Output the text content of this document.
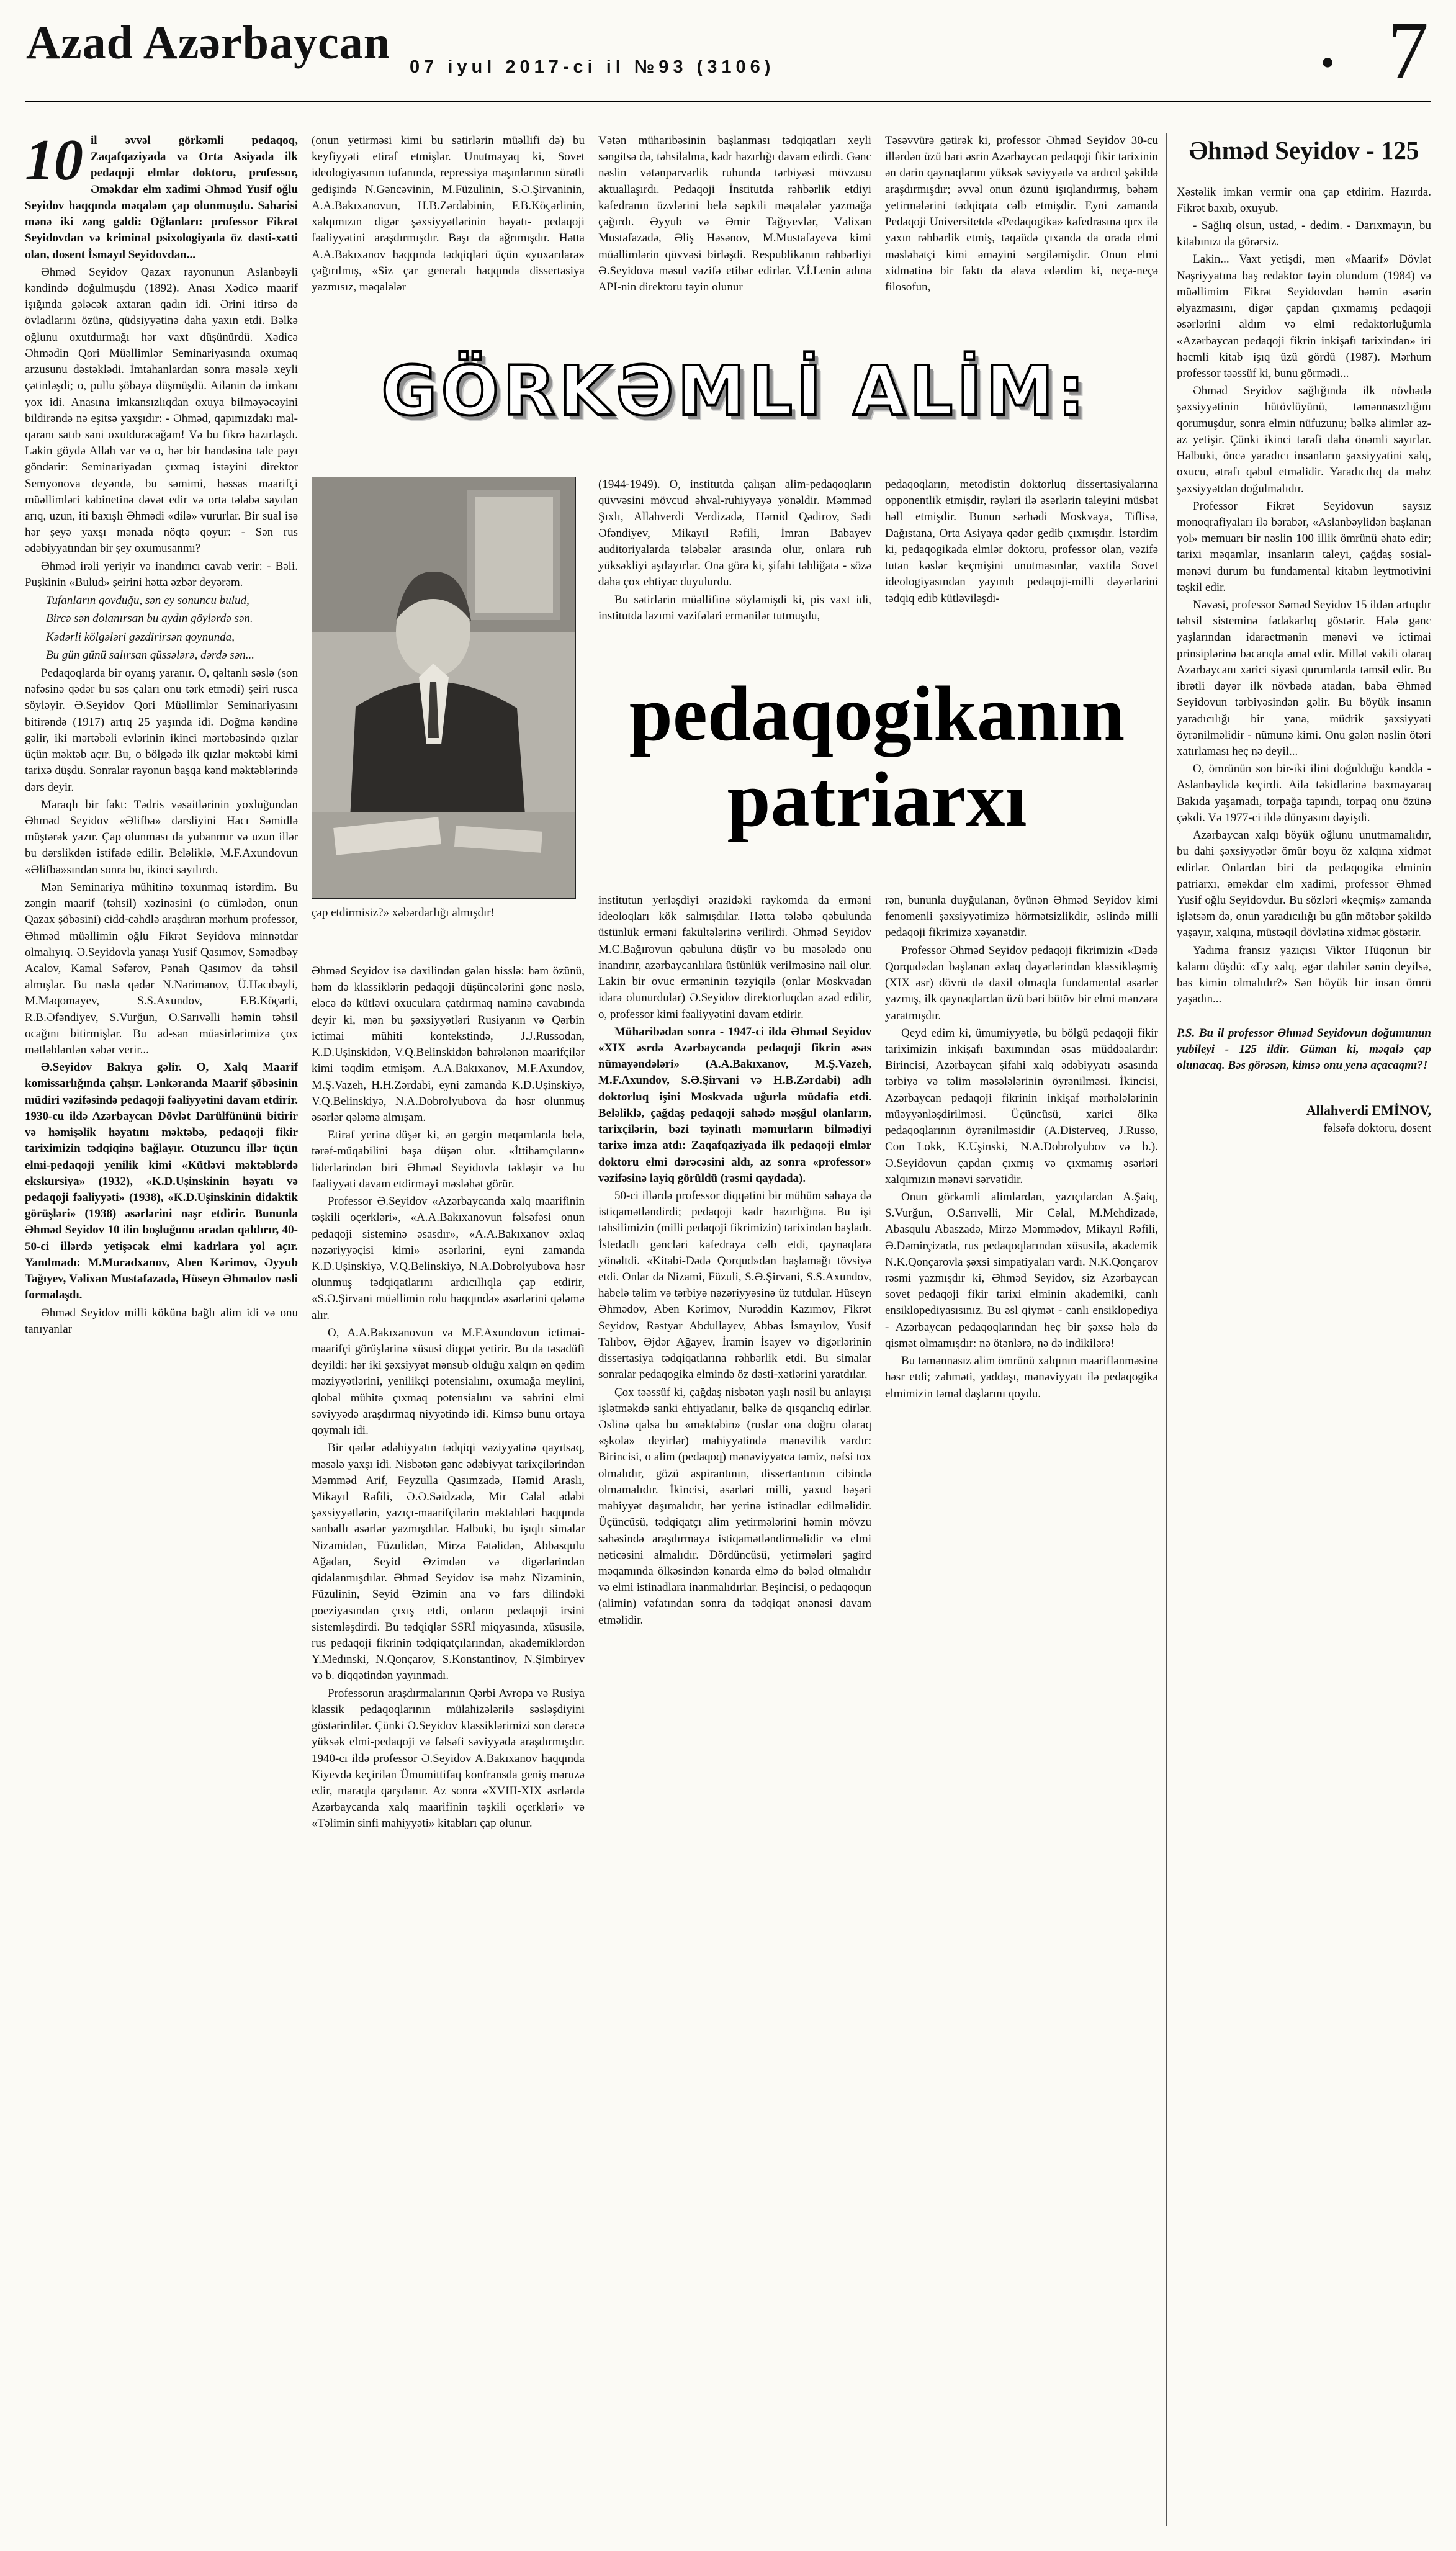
Azad Azərbaycan 07 iyul 2017-ci il №93 (3106)	● 7
GÖRKƏMLİ ALİM:
pedaqogikanın
patriarxı
çap etdirmisiz?» xəbərdarlığı almışdır!

10 il əvvəl görkəmli pedaqoq, Zaqafqaziyada və Orta Asiyada ilk pedaqoji elmlər doktoru, professor, Əməkdar elm xadimi Əhməd Yusif oğlu Seyidov haqqında məqaləm çap olunmuşdu. Səhərisi mənə iki zəng gəldi: Oğlanları: professor Fikrət Seyidovdan və kriminal psixologiyada öz dəsti-xətti olan, dosent İsmayıl Seyidovdan...

Əhməd Seyidov Qazax rayonunun Aslanbəyli kəndində doğulmuşdu (1892). Anası Xədicə maarif işığında gələcək axtaran qadın idi. Ərini itirsə də övladlarını özünə, qüdsiyyətinə daha yaxın etdi. Bəlkə oğlunu oxutdurmağı hər vaxt düşünürdü. Xədicə Əhmədin Qori Müəllimlər Seminariyasında oxumaq arzusunu dəstəklədi. İmtahanlardan sonra məsələ xeyli çətinləşdi; o, pullu şöbəyə düşmüşdü. Ailənin də imkanı yox idi. Anasına imkansızlıqdan oxuya bilməyəcəyini bildirəndə nə eşitsə yaxşıdır: - Əhməd, qapımızdakı mal-qaranı satıb səni oxutduracağam! Və bu fikrə hazırlaşdı. Lakin göydə Allah var və o, hər bir bəndəsinə tale payı göndərir: Seminariyadan çıxmaq istəyini direktor Semyonova deyəndə, bu səmimi, həssas maarifçi müəllimləri kabinetinə dəvət edir və orta tələbə sayılan arıq, uzun, iti baxışlı Əhmədi «dilə» vururlar. Bir sual isə hər şeyə yaxşı mənada nöqtə qoyur: - Sən rus ədəbiyyatından bir şey oxumusanmı?

Əhməd irəli yeriyir və inandırıcı cavab verir: - Bəli. Puşkinin «Bulud» şeirini hətta əzbər deyərəm.

Tufanların qovduğu, sən ey sonuncu bulud,

Bircə sən dolanırsan bu aydın göylərdə sən.

Kədərli kölgələri gəzdirirsən qoynunda,

Bu gün günü salırsan qüssələrə, dərdə sən...

Pedaqoqlarda bir oyanış yaranır. O, qəltanlı səslə (son nəfəsinə qədər bu səs çaları onu tərk etmədi) şeiri rusca söyləyir. Ə.Seyidov Qori Müəllimlər Seminariyasını bitirəndə (1917) artıq 25 yaşında idi. Doğma kəndinə gəlir, iki mərtəbəli evlərinin ikinci mərtəbəsində qızlar üçün məktəb açır. Bu, o bölgədə ilk qızlar məktəbi kimi tarixə düşdü. Sonralar rayonun başqa kənd məktəblərində dərs deyir.

Maraqlı bir fakt: Tədris vəsaitlərinin yoxluğundan Əhməd Seyidov «Əlifba» dərsliyini Hacı Səmidlə müştərək yazır. Çap olunması da yubanmır və uzun illər bu dərslikdən istifadə edilir. Beləliklə, M.F.Axundovun «Əlifba»sından sonra bu, ikinci sayılırdı.

Mən Seminariya mühitinə toxunmaq istərdim. Bu zəngin maarif (təhsil) xəzinəsini (o cümlədən, onun Qazax şöbəsini) cidd-cəhdlə araşdıran mərhum professor, Əhməd müəllimin oğlu Fikrət Seyidova minnətdar olmalıyıq. Ə.Seyidovla yanaşı Yusif Qasımov, Səmədbəy Acalov, Kamal Səfərov, Pənah Qasımov da təhsil almışlar. Bu nəslə qədər N.Nərimanov, Ü.Hacıbəyli, M.Maqomayev, S.S.Axundov, F.B.Köçərli, R.B.Əfəndiyev, S.Vurğun, O.Sarıvəlli həmin təhsil ocağını bitirmişlər. Bu ad-san müasirlərimizə çox mətləblərdən xəbər verir...

Ə.Seyidov Bakıya gəlir. O, Xalq Maarif komissarlığında çalışır. Lənkəranda Maarif şöbəsinin müdiri vəzifəsində pedaqoji fəaliyyətini davam etdirir. 1930-cu ildə Azərbaycan Dövlət Darülfününü bitirir və həmişəlik həyatını məktəbə, pedaqoji fikir tariximizin tədqiqinə bağlayır. Otuzuncu illər üçün elmi-pedaqoji yenilik kimi «Kütləvi məktəblərdə ekskursiya» (1932), «K.D.Uşinskinin həyatı və pedaqoji fəaliyyəti» (1938), «K.D.Uşinskinin didaktik görüşləri» (1938) əsərlərini nəşr etdirir. Bununla Əhməd Seyidov 10 ilin boşluğunu aradan qaldırır, 40-50-ci illərdə yetişəcək elmi kadrlara yol açır. Yanılmadı: M.Muradxanov, Aben Kərimov, Əyyub Tağıyev, Vəlixan Mustafazadə, Hüseyn Əhmədov nəsli formalaşdı.

Əhməd Seyidov milli kökünə bağlı alim idi və onu tanıyanlar

(onun yetirməsi kimi bu sətirlərin müəllifi də) bu keyfiyyəti etiraf etmişlər. Unutmayaq ki, Sovet ideologiyasının tufanında, repressiya maşınlarının sürətli gedişində N.Gəncəvinin, M.Füzulinin, S.Ə.Şirvaninin, A.A.Bakıxanovun, H.B.Zərdabinin, F.B.Köçərlinin, xalqımızın digər şəxsiyyətlərinin həyatı- pedaqoji fəaliyyətini araşdırmışdır. Başı da ağrımışdır. Hətta A.A.Bakıxanov haqqında tədqiqləri üçün «yuxarılara» çağırılmış, «Siz çar generalı haqqında dissertasiya yazmısız, məqalələr

Vətən müharibəsinin başlanması tədqiqatları xeyli səngitsə də, təhsilalma, kadr hazırlığı davam edirdi. Gənc nəslin vətənpərvərlik ruhunda tərbiyəsi mövzusu aktuallaşırdı. Pedaqoji İnstitutda rəhbərlik etdiyi kafedranın üzvlərini belə səpkili məqalələr yazmağa çağırdı. Əyyub və Əmir Tağıyevlər, Vəlixan Mustafazadə, Əliş Həsənov, M.Mustafayeva kimi müəllimlərin qüvvəsi birləşdi. Respublikanın rəhbərliyi Ə.Seyidova məsul vəzifə etibar edirlər. V.İ.Lenin adına API-nin direktoru təyin olunur

Təsəvvürə gətirək ki, professor Əhməd Seyidov 30-cu illərdən üzü bəri əsrin Azərbaycan pedaqoji fikir tarixinin ən dərin qaynaqlarını yüksək səviyyədə və ardıcıl şəkildə araşdırmışdır; əvvəl onun özünü işıqlandırmış, bəhəm yetirmələrini tədqiqata cəlb etmişdir. Eyni zamanda Pedaqoji Universitetdə «Pedaqogika» kafedrasına qırx ilə yaxın rəhbərlik etmiş, təqaüdə çıxanda da orada elmi məsləhətçi kimi əməyini sərgiləmişdir. Onun elmi xidmətinə bir faktı da əlavə edərdim ki, neçə-neçə filosofun,

(1944-1949). O, institutda çalışan alim-pedaqoqların qüvvəsini mövcud əhval-ruhiyyəyə yönəldir. Məmməd Şıxlı, Allahverdi Verdizadə, Həmid Qədirov, Sədi Əfəndiyev, Mikayıl Rəfili, İmran Babayev auditoriyalarda tələbələr arasında olur, onlara ruh yüksəkliyi aşılayırlar. Ona görə ki, şifahi təbliğata - sözə daha çox ehtiyac duyulurdu.

Bu sətirlərin müəllifinə söyləmişdi ki, pis vaxt idi, institutda lazımi vəzifələri ermənilər tutmuşdu,

pedaqoqların, metodistin doktorluq dissertasiyalarına opponentlik etmişdir, rəyləri ilə əsərlərin taleyini müsbət həll etmişdir. Bunun sərhədi Moskvaya, Tiflisə, Dağıstana, Orta Asiyaya qədər gedib çıxmışdır. İstərdim ki, pedaqogikada elmlər doktoru, professor olan, vəzifə tutan kəslər keçmişini unutmasınlar, vaxtilə Sovet ideologiyasından yayınıb pedaqoji-milli dəyərlərini tədqiq edib kütləviləşdi-

Əhməd Seyidov isə daxilindən gələn hisslə: həm özünü, həm də klassiklərin pedaqoji düşüncələrini gənc nəslə, eləcə də kütləvi oxuculara çatdırmaq naminə cavabında deyir ki, mən bu şəxsiyyətləri Rusiyanın və Qərbin ictimai mühiti kontekstində, J.J.Russodan, K.D.Uşinskidən, V.Q.Belinskidən bəhrələnən maarifçilər kimi təqdim etmişəm. A.A.Bakıxanov, M.F.Axundov, M.Ş.Vazeh, H.H.Zərdabi, eyni zamanda K.D.Uşinskiyə, V.Q.Belinskiyə, N.A.Dobrolyubova da həsr olunmuş əsərlər qələmə almışam.

Etiraf yerinə düşər ki, ən gərgin məqamlarda belə, tərəf-müqabilini başa düşən olur. «İttihamçıların» liderlərindən biri Əhməd Seyidovla təkləşir və bu fəaliyyəti davam etdirməyi məsləhət görür.

Professor Ə.Seyidov «Azərbaycanda xalq maarifinin təşkili oçerkləri», «A.A.Bakıxanovun fəlsəfəsi onun pedaqoji sisteminə əsasdır», «A.A.Bakıxanov əxlaq nəzəriyyəçisi kimi» əsərlərini, eyni zamanda K.D.Uşinskiyə, V.Q.Belinskiyə, N.A.Dobrolyubova həsr olunmuş tədqiqatlarını ardıcıllıqla çap etdirir, «S.Ə.Şirvani müəllimin rolu haqqında» əsərlərini qələmə alır.

O, A.A.Bakıxanovun və M.F.Axundovun ictimai-maarifçi görüşlərinə xüsusi diqqət yetirir. Bu da təsadüfi deyildi: hər iki şəxsiyyət mənsub olduğu xalqın ən qədim məziyyətlərini, yenilikçi potensialını, oxumağa meylini, qlobal mühitə çıxmaq potensialını və səbrini elmi səviyyədə araşdırmaq niyyətində idi. Kimsə bunu ortaya qoymalı idi.

Bir qədər ədəbiyyatın tədqiqi vəziyyətinə qayıtsaq, məsələ yaxşı idi. Nisbətən gənc ədəbiyyat tarixçilərindən Məmməd Arif, Feyzulla Qasımzadə, Həmid Araslı, Mikayıl Rəfili, Ə.Ə.Səidzadə, Mir Cəlal ədəbi şəxsiyyətlərin, yazıçı-maarifçilərin məktəbləri haqqında sanballı əsərlər yazmışdılar. Halbuki, bu işıqlı simalar Nizamidən, Füzulidən, Mirzə Fətəlidən, Abbasqulu Ağadan, Seyid Əzimdən və digərlərindən qidalanmışdılar. Əhməd Seyidov isə məhz Nizaminin, Füzulinin, Seyid Əzimin ana və fars dilindəki poeziyasından çıxış etdi, onların pedaqoji irsini sistemləşdirdi. Bu tədqiqlər SSRİ miqyasında, xüsusilə, rus pedaqoji fikrinin tədqiqatçılarından, akademiklərdən Y.Medınski, N.Qonçarov, S.Konstantinov, N.Şimbiryev və b. diqqətindən yayınmadı.

Professorun araşdırmalarının Qərbi Avropa və Rusiya klassik pedaqoqlarının mülahizələrilə səsləşdiyini göstərirdilər. Çünki Ə.Seyidov klassiklərimizi son dərəcə yüksək elmi-pedaqoji və fəlsəfi səviyyədə araşdırmışdır. 1940-cı ildə professor Ə.Seyidov A.Bakıxanov haqqında Kiyevdə keçirilən Ümumittifaq konfransda geniş məruzə edir, maraqla qarşılanır. Az sonra «XVIII-XIX əsrlərdə Azərbaycanda xalq maarifinin təşkili oçerkləri» və «Təlimin sinfi mahiyyəti» kitabları çap olunur.

institutun yerləşdiyi ərazidəki raykomda da erməni ideoloqları kök salmışdılar. Hətta tələbə qəbulunda üstünlük erməni fakültələrinə verilirdi. Əhməd Seyidov M.C.Bağırovun qəbuluna düşür və bu məsələdə onu inandırır, azərbaycanlılara üstünlük verilməsinə nail olur. Lakin bir ovuc erməninin təzyiqilə (onlar Moskvadan idarə olunurdular) Ə.Seyidov direktorluqdan azad edilir, o, professor kimi fəaliyyətini davam etdirir.

Müharibədən sonra - 1947-ci ildə Əhməd Seyidov «XIX əsrdə Azərbaycanda pedaqoji fikrin əsas nümayəndələri» (A.A.Bakıxanov, M.Ş.Vazeh, M.F.Axundov, S.Ə.Şirvani və H.B.Zərdabi) adlı doktorluq işini Moskvada uğurla müdafiə etdi. Beləliklə, çağdaş pedaqoji sahədə məşğul olanların, tarixçilərin, bəzi təyinatlı məmurların bilmədiyi tarixə imza atdı: Zaqafqaziyada ilk pedaqoji elmlər doktoru elmi dərəcəsini aldı, az sonra «professor» vəzifəsinə layiq görüldü (rəsmi qaydada).

50-ci illərdə professor diqqətini bir mühüm sahəyə də istiqamətləndirdi; pedaqoji kadr hazırlığına. Bu işi təhsilimizin (milli pedaqoji fikrimizin) tarixindən başladı. İstedadlı gəncləri kafedraya cəlb etdi, qaynaqlara yönəltdi. «Kitabi-Dədə Qorqud»dan başlamağı tövsiyə etdi. Onlar da Nizami, Füzuli, S.Ə.Şirvani, S.S.Axundov, habelə təlim və tərbiyə nəzəriyyəsinə üz tutdular. Hüseyn Əhmədov, Aben Kərimov, Nurəddin Kazımov, Fikrət Seyidov, Rəstyar Abdullayev, Abbas İsmayılov, Yusif Talıbov, Əjdər Ağayev, İramin İsayev və digərlərinin dissertasiya tədqiqatlarına rəhbərlik etdi. Bu simalar sonralar pedaqogika elmində öz dəsti-xətlərini yaratdılar.

Çox təəssüf ki, çağdaş nisbətən yaşlı nəsil bu anlayışı işlətməkdə sanki ehtiyatlanır, bəlkə də qısqanclıq edirlər. Əslinə qalsa bu «məktəbin» (ruslar ona doğru olaraq «şkola» deyirlər) mahiyyətində mənəvilik vardır: Birincisi, o alim (pedaqoq) mənəviyyatca təmiz, nəfsi tox olmalıdır, gözü aspirantının, dissertantının cibində olmamalıdır. İkincisi, əsərləri milli, yaxud bəşəri mahiyyət daşımalıdır, hər yerinə istinadlar edilməlidir. Üçüncüsü, tədqiqatçı alim yetirmələrini həmin mövzu sahəsində araşdırmaya istiqamətləndirməlidir və elmi nəticəsini almalıdır. Dördüncüsü, yetirmələri şagird məqamında ölkəsindən kənarda elmə də bələd olmalıdır və elmi istinadlara inanmalıdırlar. Beşincisi, o pedaqoqun (alimin) vəfatından sonra da tədqiqat ənənəsi davam etməlidir.

rən, bununla duyğulanan, öyünən Əhməd Seyidov kimi fenomenli şəxsiyyətimizə hörmətsizlikdir, əslində milli pedaqoji fikrimizə xəyanətdir.

Professor Əhməd Seyidov pedaqoji fikrimizin «Dədə Qorqud»dan başlanan əxlaq dəyərlərindən klassikləşmiş (XIX əsr) dövrü də daxil olmaqla fundamental əsərlər yazmış, ilk qaynaqlardan üzü bəri bütöv bir elmi mənzərə yaratmışdır.

Qeyd edim ki, ümumiyyətlə, bu bölgü pedaqoji fikir tariximizin inkişafı baxımından əsas müddəalardır: Birincisi, Azərbaycan şifahi xalq ədəbiyyatı əsasında tərbiyə və təlim məsələlərinin öyrənilməsi. İkincisi, Azərbaycan pedaqoji fikrinin inkişaf mərhələlərinin müəyyənləşdirilməsi. Üçüncüsü, xarici ölkə pedaqoqlarının öyrənilməsidir (A.Disterveq, J.Russo, Con Lokk, K.Uşinski, N.A.Dobrolyubov və b.). Ə.Seyidovun çapdan çıxmış və çıxmamış əsərləri xalqımızın mənəvi sərvətidir.

Onun görkəmli alimlərdən, yazıçılardan A.Şaiq, S.Vurğun, O.Sarıvəlli, Mir Cəlal, M.Mehdizadə, Abasqulu Abaszadə, Mirzə Məmmədov, Mikayıl Rəfili, Ə.Dəmirçizadə, rus pedaqoqlarından xüsusilə, akademik N.K.Qonçarovla şəxsi simpatiyaları vardı. N.K.Qonçarov rəsmi yazmışdır ki, Əhməd Seyidov, siz Azərbaycan sovet pedaqoji fikir tarixi elminin akademiki, canlı ensiklopediyasısınız. Bu əsl qiymət - canlı ensiklopediya - Azərbaycan pedaqoqlarından heç bir şəxsə hələ də qismət olmamışdır: nə ötənlərə, nə də indikilərə!

Bu təmənnasız alim ömrünü xalqının maariflənməsinə həsr etdi; zəhməti, yaddaşı, mənəviyyatı ilə pedaqogika elmimizin təməl daşlarını qoydu.

Əhməd Seyidov - 125

Xəstəlik imkan vermir ona çap etdirim. Hazırda. Fikrət baxıb, oxuyub.

- Sağlıq olsun, ustad, - dedim. - Darıxmayın, bu kitabınızı da görərsiz.

Lakin... Vaxt yetişdi, mən «Maarif» Dövlət Nəşriyyatına baş redaktor təyin olundum (1984) və müəllimim Fikrət Seyidovdan həmin əsərin əlyazmasını, digər çapdan çıxmamış pedaqoji əsərlərini aldım və elmi redaktorluğumla «Azərbaycan pedaqoji fikrin inkişafı tarixindən» iri həcmli kitab işıq üzü gördü (1987). Mərhum professor təəssüf ki, bunu görmədi...

Əhməd Seyidov sağlığında ilk növbədə şəxsiyyətinin bütövlüyünü, təmənnasızlığını qorumuşdur, sonra elmin nüfuzunu; bəlkə alimlər az-az yetişir. Çünki ikinci tərəfi daha önəmli sayırlar. Halbuki, öncə yaradıcı insanların şəxsiyyətini xalq, oxucu, ətrafı qəbul etməlidir. Yaradıcılıq da məhz şəxsiyyətdən doğulmalıdır.

Professor Fikrət Seyidovun saysız monoqrafiyaları ilə bərabər, «Aslanbəylidən başlanan yol» memuarı bir nəslin 100 illik ömrünü əhatə edir; tarixi məqamlar, insanların taleyi, çağdaş sosial-mənəvi durum bu fundamental kitabın leytmotivini təşkil edir.

Nəvəsi, professor Səməd Seyidov 15 ildən artıqdır təhsil sisteminə fədakarlıq göstərir. Hələ gənc yaşlarından idarəetmənin mənəvi və ictimai prinsiplərinə bacarıqla əməl edir. Millət vəkili olaraq Azərbaycanı xarici siyasi qurumlarda təmsil edir. Bu ibrətli dəyər ilk növbədə atadan, baba Əhməd Seyidovun tərbiyəsindən gəlir. Bu böyük insanın yaradıcılığı bir yana, müdrik şəxsiyyəti öyrənilməlidir - nümunə kimi. Onu gələn nəslin ötəri xatırlaması heç nə deyil...

O, ömrünün son bir-iki ilini doğulduğu kənddə - Aslanbəylidə keçirdi. Ailə təkidlərinə baxmayaraq Bakıda yaşamadı, torpağa tapındı, torpaq onu özünə çəkdi. Və 1977-ci ildə dünyasını dəyişdi.

Azərbaycan xalqı böyük oğlunu unutmamalıdır, bu dahi şəxsiyyətlər ömür boyu öz xalqına xidmət edirlər. Onlardan biri də pedaqogika elminin patriarxı, əməkdar elm xadimi, professor Əhməd Yusif oğlu Seyidovdur. Bu sözləri «keçmiş» zamanda işlətsəm də, onun yaradıcılığı bu gün mötəbər şəkildə yaşayır, xalqına, müstəqil dövlətinə xidmət göstərir.

Yadıma fransız yazıçısı Viktor Hüqonun bir kəlamı düşdü: «Ey xalq, əgər dahilər sənin deyilsə, bəs kimin olmalıdır?» Sən böyük bir insan ömrü yaşadın...

P.S. Bu il professor Əhməd Seyidovun doğumunun yubileyi - 125 ildir. Güman ki, məqalə çap olunacaq. Bəs görəsən, kimsə onu yenə açacaqmı?!

Allahverdi EMİNOV,
fəlsəfə doktoru, dosent
